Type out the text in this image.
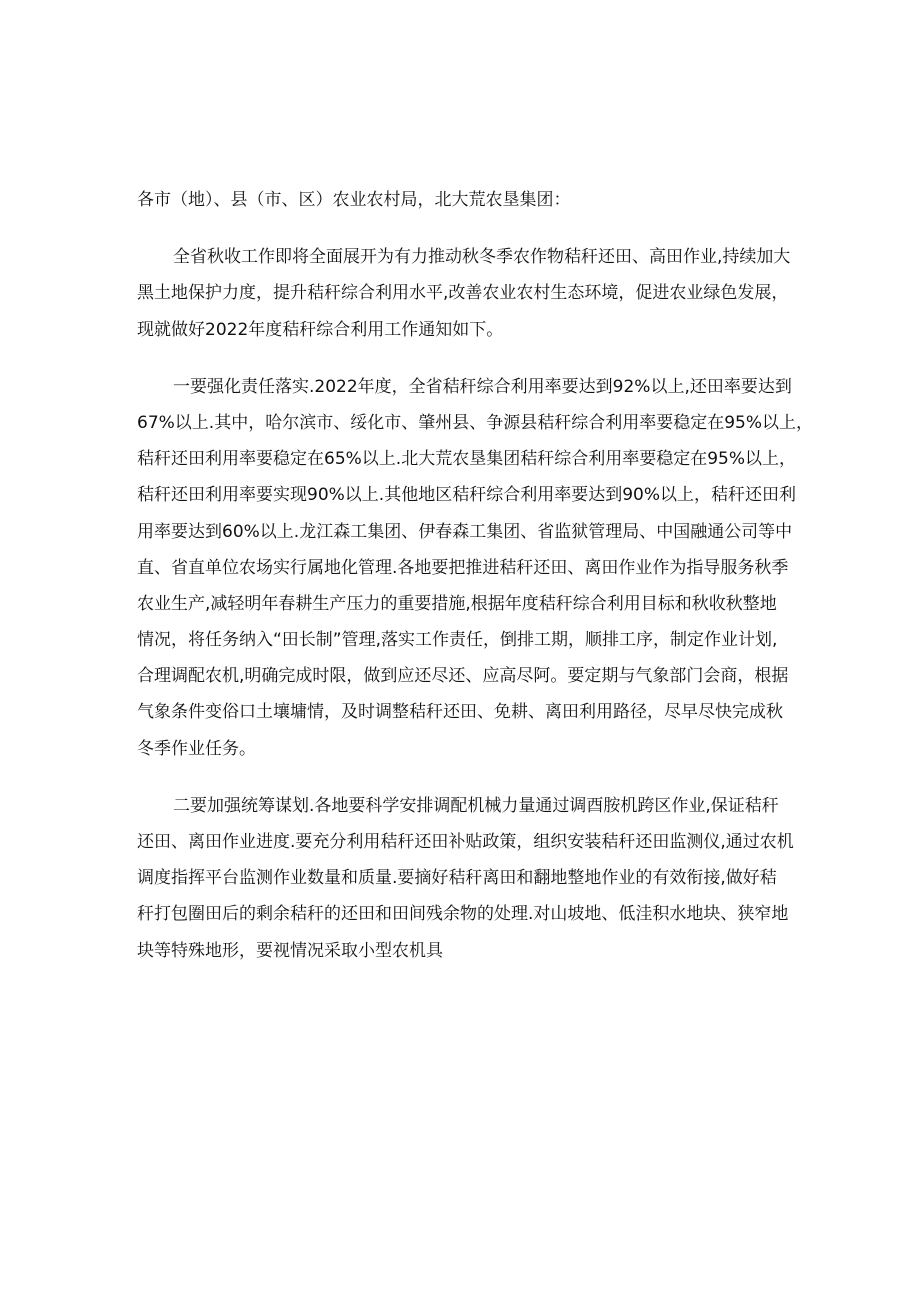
各市（地）、县（市、区）农业农村局，北大荒农垦集团：
全省秋收工作即将全面展开为有力推动秋冬季农作物秸秆还田、高田作业,持续加大
黑土地保护力度，提升秸秆综合利用水平,改善农业农村生态环境，促进农业绿色发展，
现就做好2022年度秸秆综合利用工作通知如下。
一要强化责任落实.2022年度，全省秸秆综合利用率要达到92%以上,还田率要达到
67%以上.其中，哈尔滨市、绥化市、肇州县、争源县秸秆综合利用率要稳定在95%以上，
秸秆还田利用率要稳定在65%以上.北大荒农垦集团秸秆综合利用率要稳定在95%以上，
秸秆还田利用率要实现90%以上.其他地区秸秆综合利用率要达到90%以上，秸秆还田利
用率要达到60%以上.龙江森工集团、伊春森工集团、省监狱管理局、中国融通公司等中
直、省直单位农场实行属地化管理.各地要把推进秸秆还田、离田作业作为指导服务秋季
农业生产,减轻明年春耕生产压力的重要措施,根据年度秸秆综合利用目标和秋收秋整地
情况，将任务纳入“田长制”管理,落实工作责任，倒排工期，顺排工序，制定作业计划,
合理调配农机,明确完成时限，做到应还尽还、应高尽阿。要定期与气象部门会商，根据
气象条件变俗口土壤墉情，及时调整秸秆还田、免耕、离田利用路径，尽早尽快完成秋
冬季作业任务。
二要加强统筹谋划.各地要科学安排调配机械力量通过调酉胺机跨区作业,保证秸秆
还田、离田作业进度.要充分利用秸秆还田补贴政策，组织安装秸秆还田监测仪,通过农机
调度指挥平台监测作业数量和质量.要摘好秸秆离田和翻地整地作业的有效衔接,做好秸
秆打包圈田后的剩余秸秆的还田和田间残余物的处理.对山坡地、低洼积水地块、狭窄地
块等特殊地形，要视情况采取小型农机具
